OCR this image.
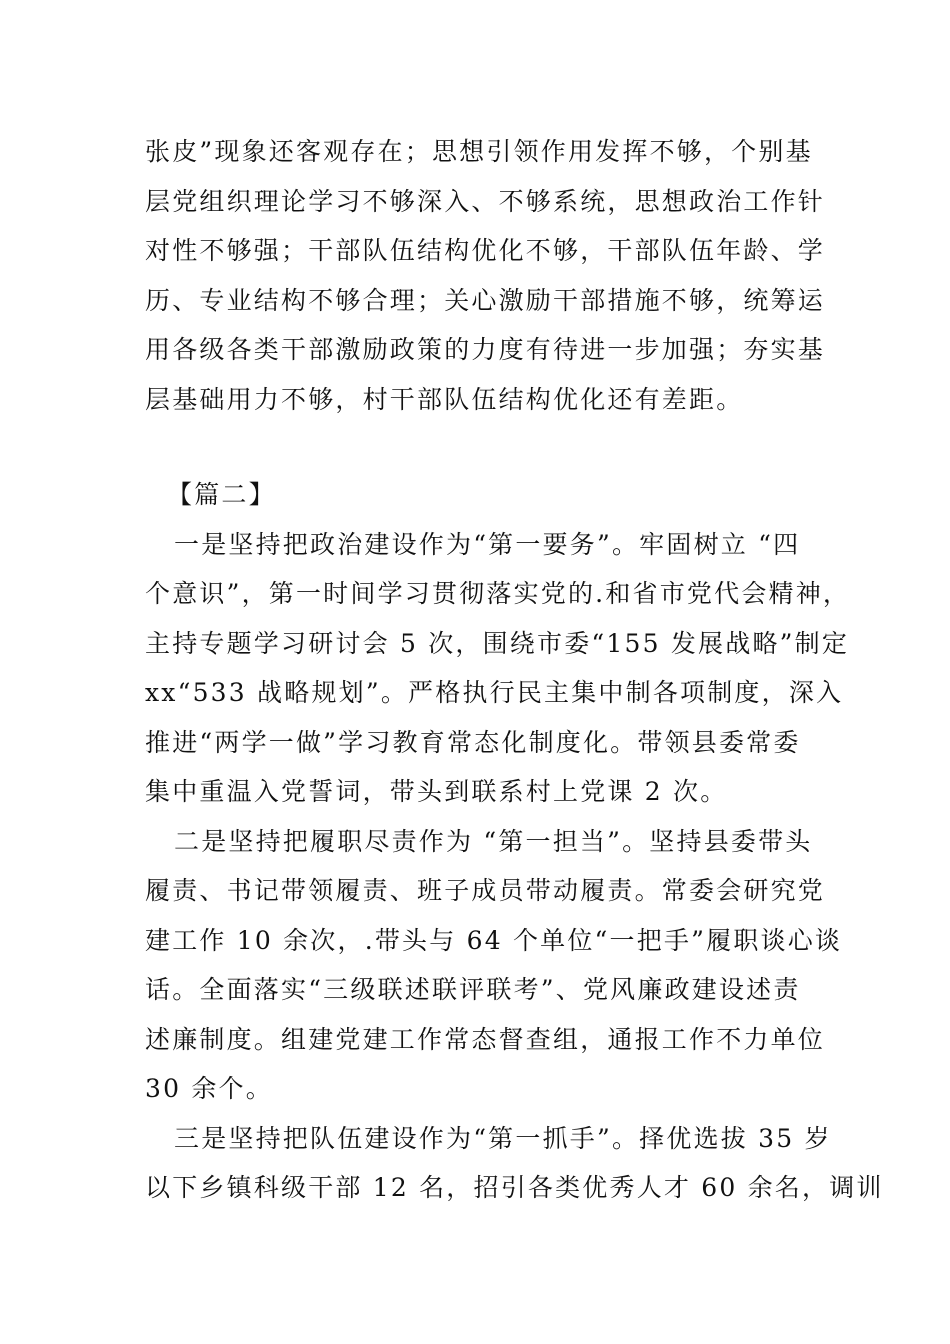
张皮”现象还客观存在；思想引领作用发挥不够，个别基
层党组织理论学习不够深入、不够系统，思想政治工作针
对性不够强；干部队伍结构优化不够，干部队伍年龄、学
历、专业结构不够合理；关心激励干部措施不够，统筹运
用各级各类干部激励政策的力度有待进一步加强；夯实基
层基础用力不够，村干部队伍结构优化还有差距。
【篇二】
一是坚持把政治建设作为“第一要务”。牢固树立 “四
个意识”，第一时间学习贯彻落实党的.和省市党代会精神，
主持专题学习研讨会 5 次，围绕市委“155 发展战略”制定
xx“533 战略规划”。严格执行民主集中制各项制度，深入
推进“两学一做”学习教育常态化制度化。带领县委常委
集中重温入党誓词，带头到联系村上党课 2 次。
二是坚持把履职尽责作为 “第一担当”。坚持县委带头
履责、书记带领履责、班子成员带动履责。常委会研究党
建工作 10 余次，.带头与 64 个单位“一把手”履职谈心谈
话。全面落实“三级联述联评联考”、党风廉政建设述责
述廉制度。组建党建工作常态督查组，通报工作不力单位
30 余个。
三是坚持把队伍建设作为“第一抓手”。择优选拔 35 岁
以下乡镇科级干部 12 名，招引各类优秀人才 60 余名，调训
